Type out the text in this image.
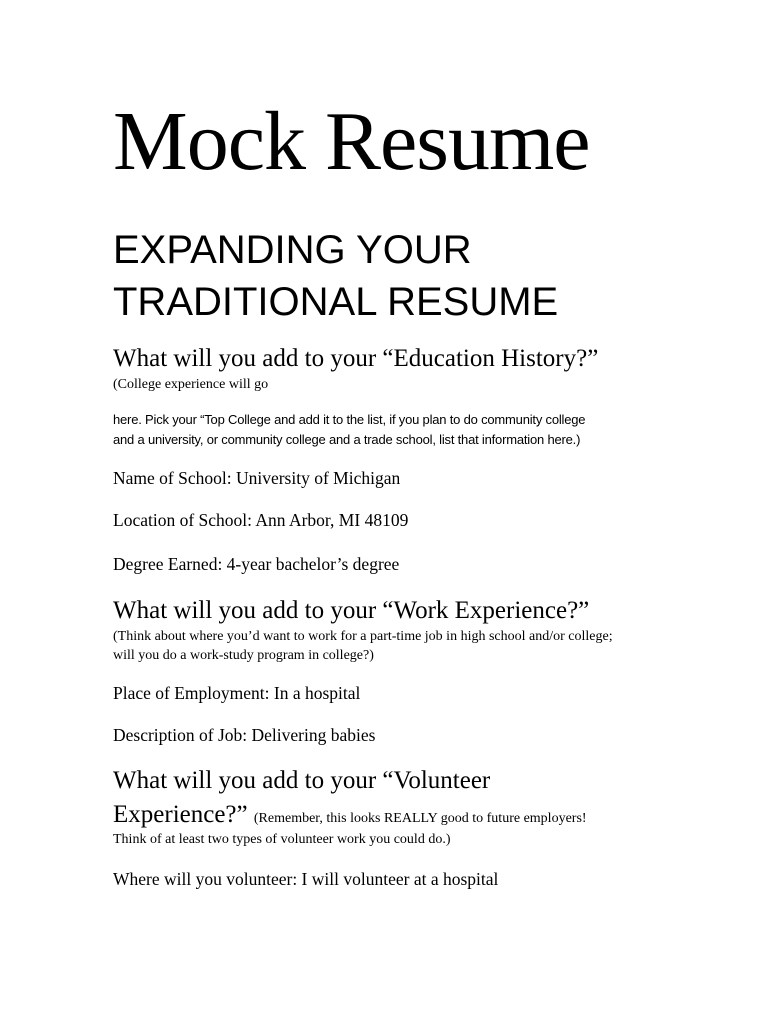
Mock Resume
EXPANDING YOUR
TRADITIONAL RESUME
What will you add to your “Education History?”

(College experience will go

here. Pick your “Top College and add it to the list, if you plan to do community college
and a university, or community college and a trade school, list that information here.)

Name of School: University of Michigan

Location of School: Ann Arbor, MI 48109

Degree Earned: 4-year bachelor’s degree

What will you add to your “Work Experience?”
(Think about where you’d want to work for a part-time job in high school and/or college;
will you do a work-study program in college?)

Place of Employment: In a hospital

Description of Job: Delivering babies

What will you add to your “Volunteer
Experience?” (Remember, this looks REALLY good to future employers!

Think of at least two types of volunteer work you could do.)

Where will you volunteer: I will volunteer at a hospital
